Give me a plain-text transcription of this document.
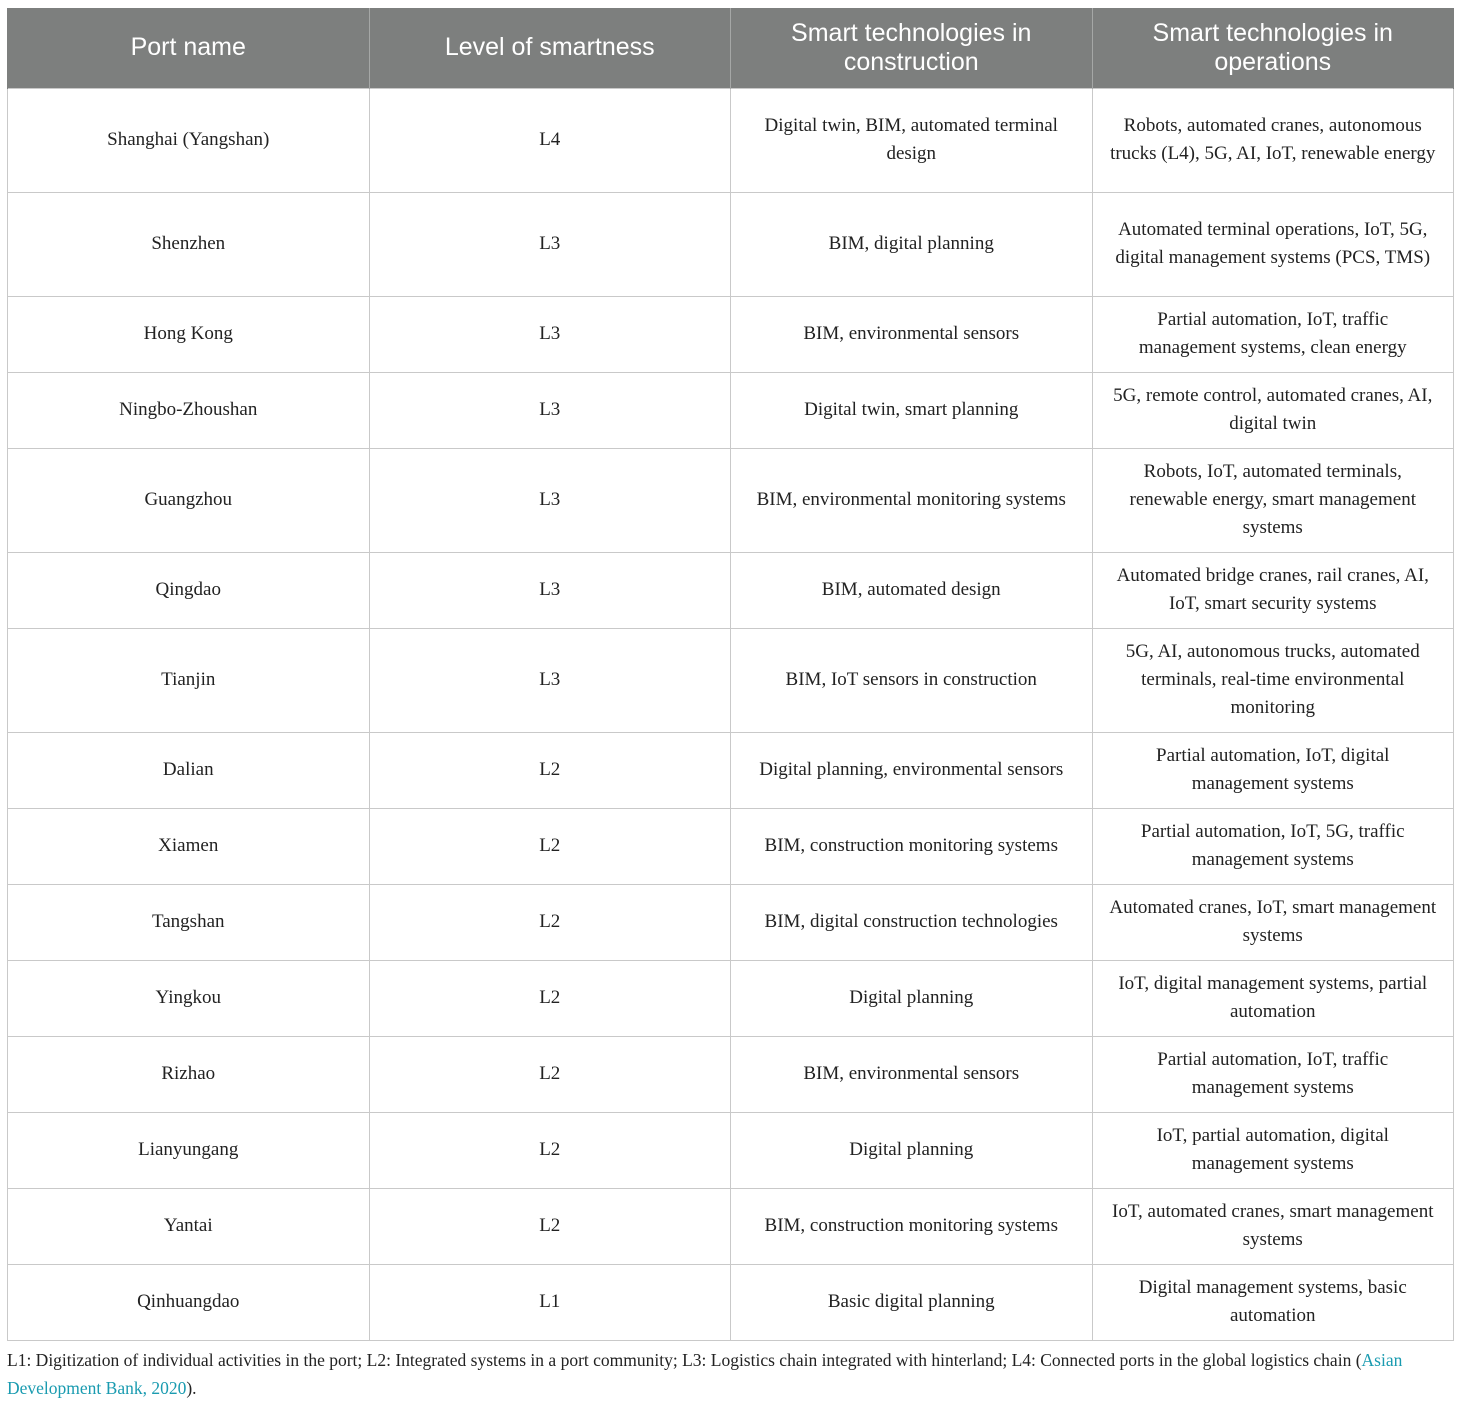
Port name	Level of smartness	Smart technologies in construction	Smart technologies in operations
Shanghai (Yangshan)	L4	Digital twin, BIM, automated terminal design	Robots, automated cranes, autonomous trucks (L4), 5G, AI, IoT, renewable energy
Shenzhen	L3	BIM, digital planning	Automated terminal operations, IoT, 5G, digital management systems (PCS, TMS)
Hong Kong	L3	BIM, environmental sensors	Partial automation, IoT, traffic management systems, clean energy
Ningbo-Zhoushan	L3	Digital twin, smart planning	5G, remote control, automated cranes, AI, digital twin
Guangzhou	L3	BIM, environmental monitoring systems	Robots, IoT, automated terminals, renewable energy, smart management systems
Qingdao	L3	BIM, automated design	Automated bridge cranes, rail cranes, AI, IoT, smart security systems
Tianjin	L3	BIM, IoT sensors in construction	5G, AI, autonomous trucks, automated terminals, real-time environmental monitoring
Dalian	L2	Digital planning, environmental sensors	Partial automation, IoT, digital management systems
Xiamen	L2	BIM, construction monitoring systems	Partial automation, IoT, 5G, traffic management systems
Tangshan	L2	BIM, digital construction technologies	Automated cranes, IoT, smart management systems
Yingkou	L2	Digital planning	IoT, digital management systems, partial automation
Rizhao	L2	BIM, environmental sensors	Partial automation, IoT, traffic management systems
Lianyungang	L2	Digital planning	IoT, partial automation, digital management systems
Yantai	L2	BIM, construction monitoring systems	IoT, automated cranes, smart management systems
Qinhuangdao	L1	Basic digital planning	Digital management systems, basic automation
L1: Digitization of individual activities in the port; L2: Integrated systems in a port community; L3: Logistics chain integrated with hinterland; L4: Connected ports in the global logistics chain (Asian Development Bank, 2020).
